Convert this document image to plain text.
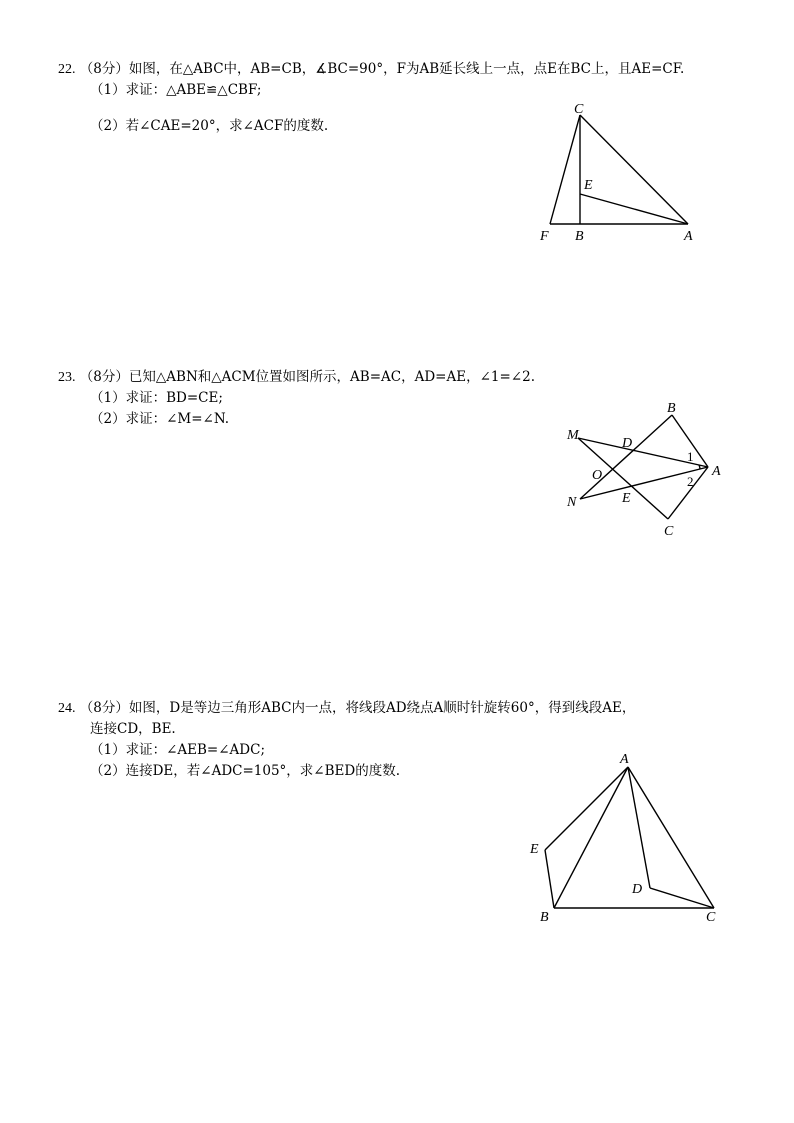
22. （8分）如图，在△ABC中，AB=CB，∡BC=90°，F为AB延长线上一点，点E在BC上，且AE=CF.
（1）求证：△ABE≌△CBF;
（2）若∠CAE=20°，求∠ACF的度数.
C
E
F B	A
23. （8分）已知△ABN和△ACM位置如图所示，AB=AC，AD=AE，∠1=∠2.
（1）求证：BD=CE;
（2）求证：∠M=∠N.
B
M
D
1
A
O	2
N	E
C
24. （8分）如图，D是等边三角形ABC内一点，将线段AD绕点A顺时针旋转60°，得到线段AE，
连接CD，BE.
（1）求证：∠AEB=∠ADC;
（2）连接DE，若∠ADC=105°，求∠BED的度数.
A
E
D
B	C
